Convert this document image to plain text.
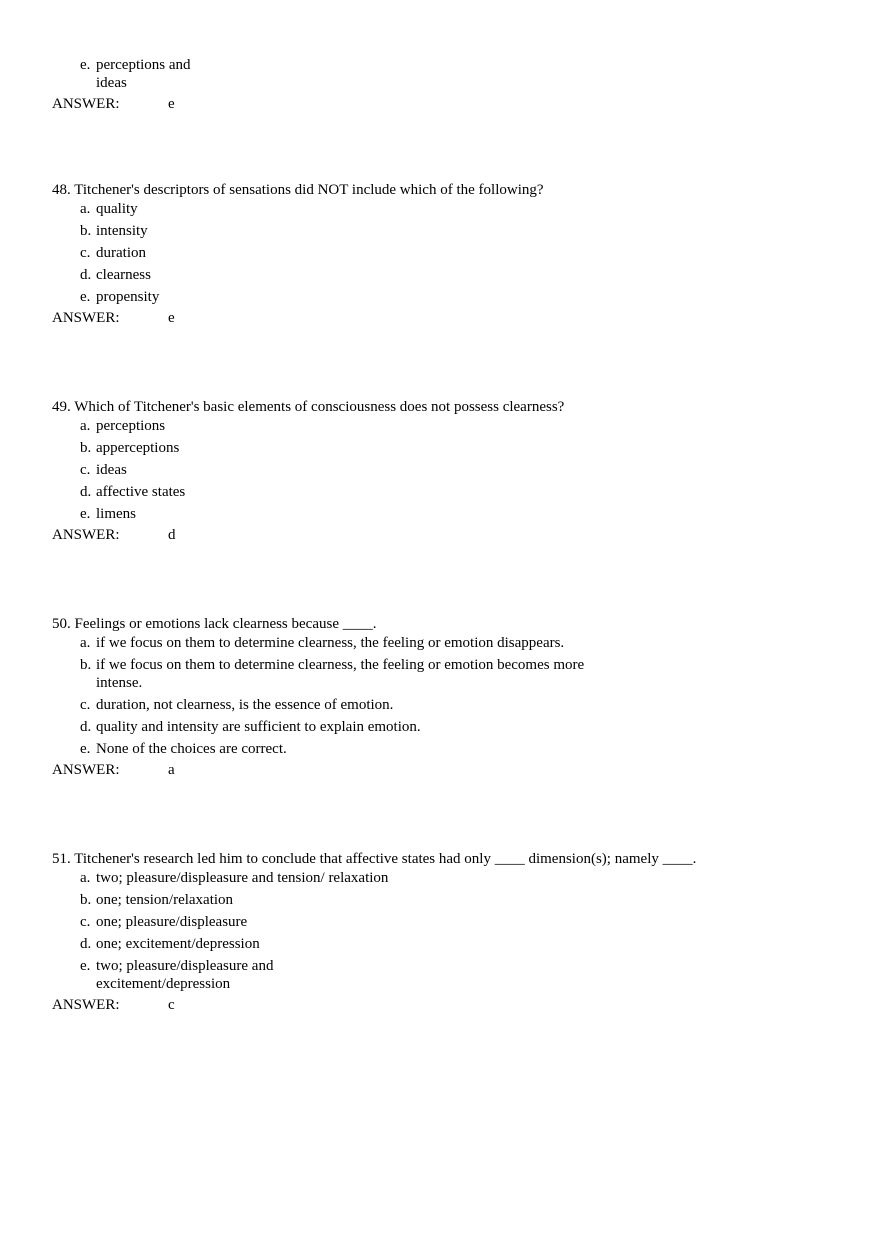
e. perceptions and
ideas
ANSWER:	e

48. Titchener's descriptors of sensations did NOT include which of the following?

a. quality
b. intensity
c. duration
d. clearness
e. propensity
ANSWER:	e

49. Which of Titchener's basic elements of consciousness does not possess clearness?

a. perceptions
b. apperceptions
c. ideas
d. affective states
e. limens
ANSWER:	d

50. Feelings or emotions lack clearness because ____.

a. if we focus on them to determine clearness, the feeling or emotion disappears.
b. if we focus on them to determine clearness, the feeling or emotion becomes more
intense.
c. duration, not clearness, is the essence of emotion.
d. quality and intensity are sufficient to explain emotion.
e. None of the choices are correct.
ANSWER:	a

51. Titchener's research led him to conclude that affective states had only ____ dimension(s); namely ____.

a. two; pleasure/displeasure and tension/ relaxation
b. one; tension/relaxation
c. one; pleasure/displeasure
d. one; excitement/depression
e. two; pleasure/displeasure and
excitement/depression
ANSWER:	c
